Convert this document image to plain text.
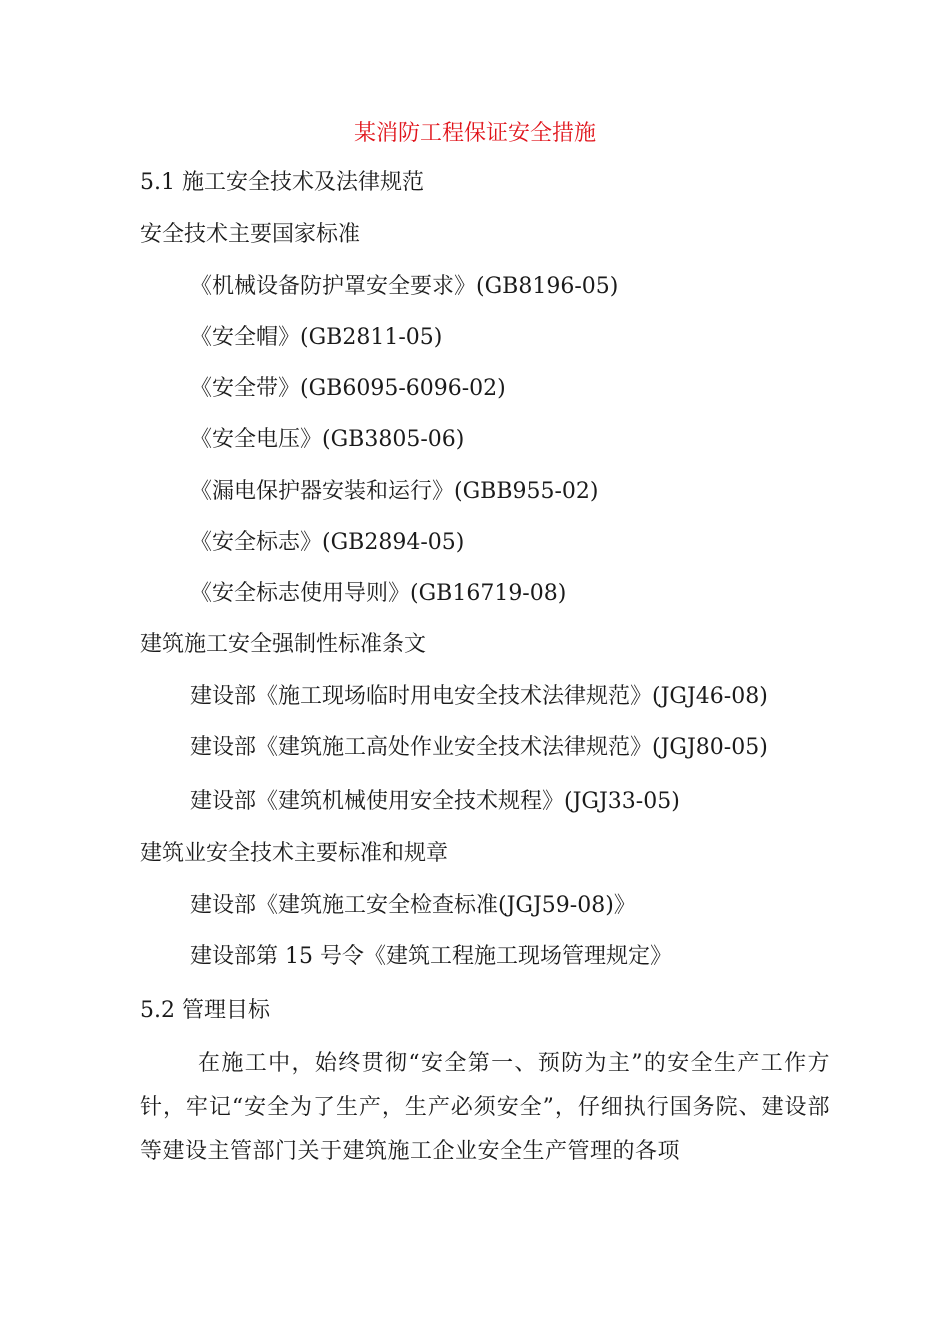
某消防工程保证安全措施
5.1 施工安全技术及法律规范
安全技术主要国家标准
《机械设备防护罩安全要求》(GB8196-05)
《安全帽》(GB2811-05)
《安全带》(GB6095-6096-02)
《安全电压》(GB3805-06)
《漏电保护器安装和运行》(GBB955-02)
《安全标志》(GB2894-05)
《安全标志使用导则》(GB16719-08)
建筑施工安全强制性标准条文
建设部《施工现场临时用电安全技术法律规范》(JGJ46-08)
建设部《建筑施工高处作业安全技术法律规范》(JGJ80-05)
建设部《建筑机械使用安全技术规程》(JGJ33-05)
建筑业安全技术主要标准和规章
建设部《建筑施工安全检查标准(JGJ59-08)》
建设部第 15 号令《建筑工程施工现场管理规定》
5.2 管理目标
在施工中，始终贯彻“安全第一、预防为主”的安全生产工作方针，牢记“安全为了生产，生产必须安全”，仔细执行国务院、建设部等建设主管部门关于建筑施工企业安全生产管理的各项
